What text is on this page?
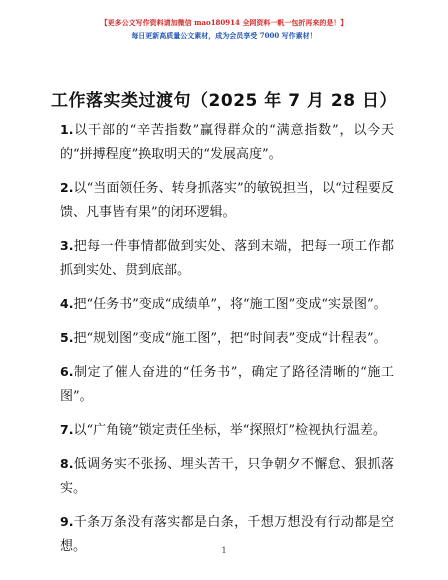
【更多公文写作资料请加微信 mao180914 全网资料一帆一包折再来的是！】
每日更新高质量公文素材，成为会员享受 7000 写作素材！
工作落实类过渡句（2025 年 7 月 28 日）
1.以干部的“辛苦指数”赢得群众的“满意指数”，以今天的“拼搏程度”换取明天的“发展高度”。
2.以“当面领任务、转身抓落实”的敏锐担当，以“过程要反馈、凡事皆有果”的闭环逻辑。
3.把每一件事情都做到实处、落到末端，把每一项工作都抓到实处、贯到底部。
4.把“任务书”变成“成绩单”，将“施工图”变成“实景图”。
5.把“规划图”变成“施工图”，把“时间表”变成“计程表”。
6.制定了催人奋进的“任务书”，确定了路径清晰的“施工图”。
7.以“广角镜”锁定责任坐标，举“探照灯”检视执行温差。
8.低调务实不张扬、埋头苦干，只争朝夕不懈怠、狠抓落实。
9.千条万条没有落实都是白条，千想万想没有行动都是空想。	1
